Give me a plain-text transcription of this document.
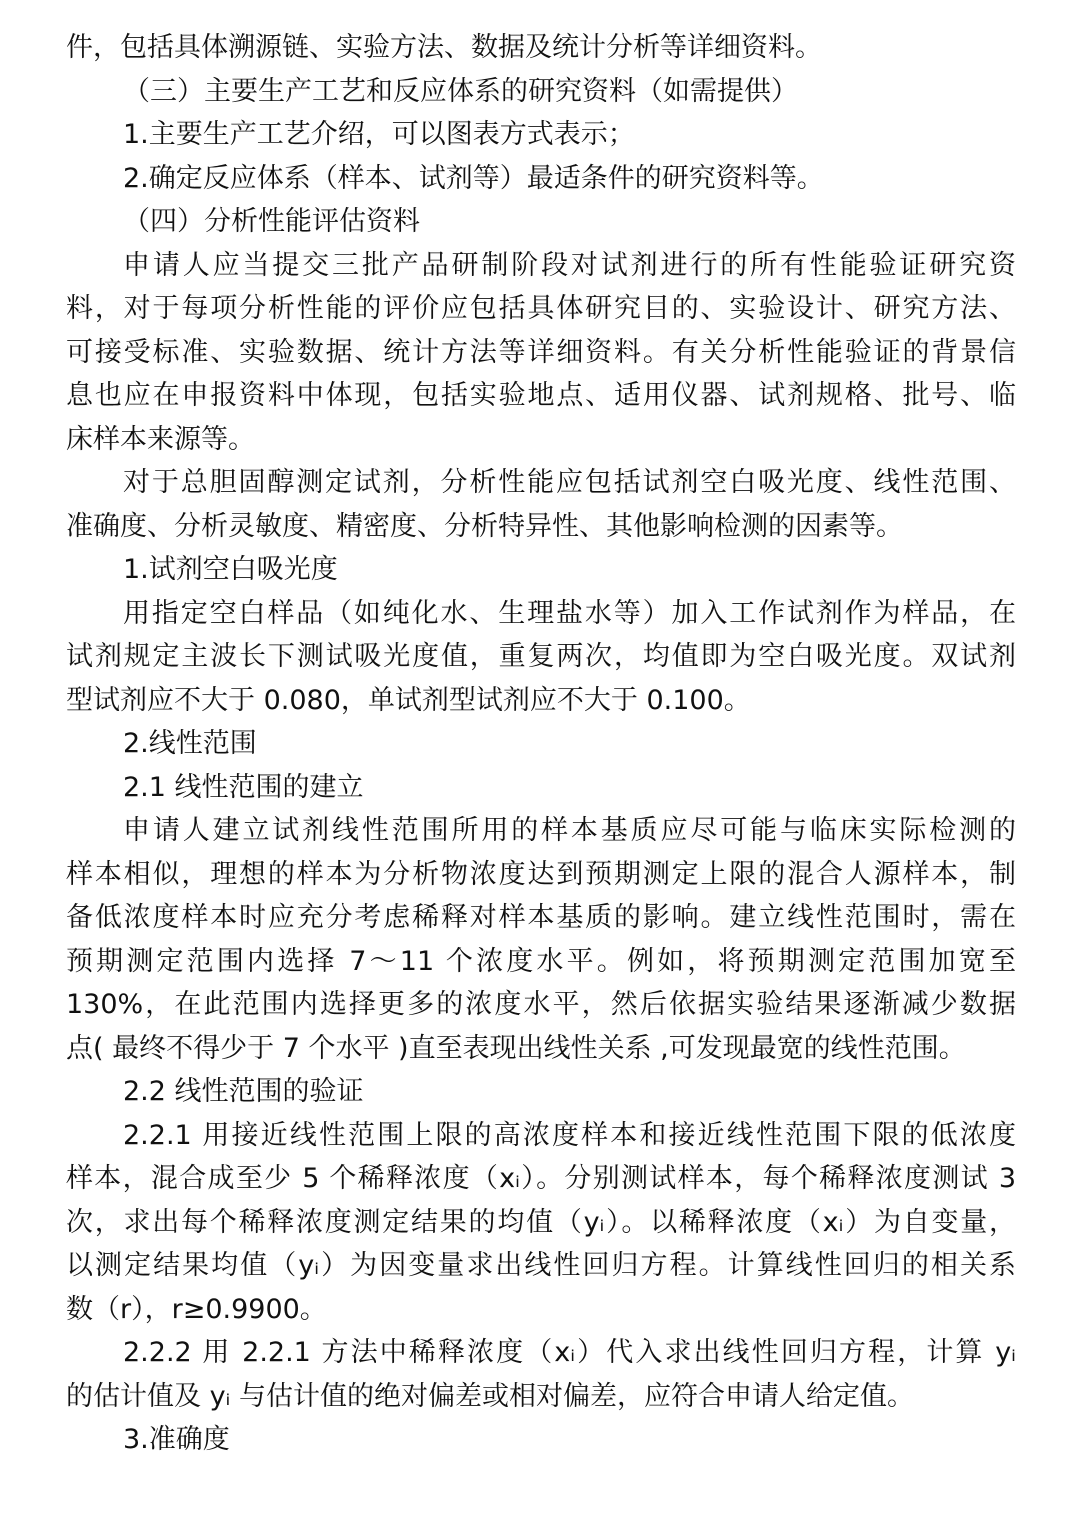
件，包括具体溯源链、实验方法、数据及统计分析等详细资料。
（三）主要生产工艺和反应体系的研究资料（如需提供）
1.主要生产工艺介绍，可以图表方式表示；
2.确定反应体系（样本、试剂等）最适条件的研究资料等。
（四）分析性能评估资料
申请人应当提交三批产品研制阶段对试剂进行的所有性能验证研究资
料，对于每项分析性能的评价应包括具体研究目的、实验设计、研究方法、
可接受标准、实验数据、统计方法等详细资料。有关分析性能验证的背景信
息也应在申报资料中体现，包括实验地点、适用仪器、试剂规格、批号、临
床样本来源等。
对于总胆固醇测定试剂，分析性能应包括试剂空白吸光度、线性范围、
准确度、分析灵敏度、精密度、分析特异性、其他影响检测的因素等。
1.试剂空白吸光度
用指定空白样品（如纯化水、生理盐水等）加入工作试剂作为样品，在
试剂规定主波长下测试吸光度值，重复两次，均值即为空白吸光度。双试剂
型试剂应不大于 0.080，单试剂型试剂应不大于 0.100。
2.线性范围
2.1 线性范围的建立
申请人建立试剂线性范围所用的样本基质应尽可能与临床实际检测的
样本相似，理想的样本为分析物浓度达到预期测定上限的混合人源样本，制
备低浓度样本时应充分考虑稀释对样本基质的影响。建立线性范围时，需在
预期测定范围内选择 7～11 个浓度水平。例如，将预期测定范围加宽至
130%，在此范围内选择更多的浓度水平，然后依据实验结果逐渐减少数据
点( 最终不得少于 7 个水平 )直至表现出线性关系 ,可发现最宽的线性范围。
2.2 线性范围的验证
2.2.1 用接近线性范围上限的高浓度样本和接近线性范围下限的低浓度
样本，混合成至少 5 个稀释浓度（xᵢ）。分别测试样本，每个稀释浓度测试 3
次，求出每个稀释浓度测定结果的均值（yᵢ）。以稀释浓度（xᵢ）为自变量，
以测定结果均值（yᵢ）为因变量求出线性回归方程。计算线性回归的相关系
数（r），r≥0.9900。
2.2.2 用 2.2.1 方法中稀释浓度（xᵢ）代入求出线性回归方程，计算 yᵢ
的估计值及 yᵢ 与估计值的绝对偏差或相对偏差，应符合申请人给定值。
3.准确度
